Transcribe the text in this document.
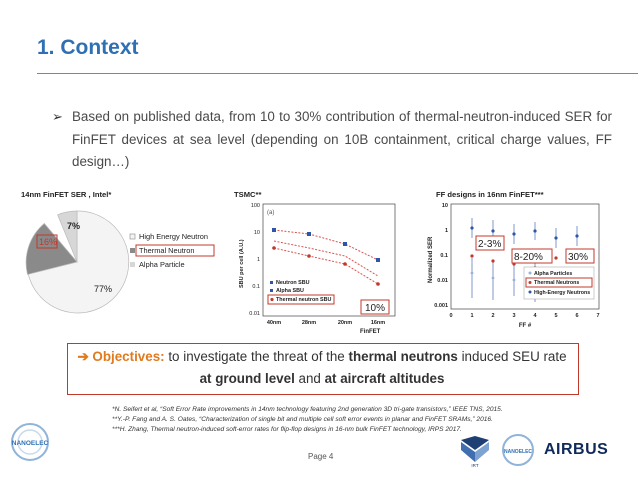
1. Context
➢ Based on published data, from 10 to 30% contribution of thermal-neutron-induced SER for FinFET devices at sea level (depending on 10B containment, critical charge values, FF design…)
14nm FinFET SER , Intel*	TSMC**	FF designs in 16nm FinFET***
7%
16%
77%
High Energy Neutron
Thermal Neutron
Alpha Particle	SBU per cell (A.U.)
100
10
1
0.1
0.01
(a)
Neutron SBU
Alpha SBU
Thermal neutron SBU
10%
40nm	28nm	20nm	16nm
FinFET
Normalized SER
10
1
0.1
0.01
0.001
2-3%
8-20%	30%
Alpha Particles
Thermal Neutrons
High-Energy Neutrons
0	1	2	3	4	5	6	7
FF #
➔ Objectives: to investigate the threat of the thermal neutrons induced SEU rate
at ground level and at aircraft altitudes
*N. Seifert et al, “Soft Error Rate improvements in 14nm technology featuring 2nd generation 3D tri-gate transistors,” IEEE TNS, 2015.
**Y.-P. Fang and A. S. Oates, “Characterization of single bit and multiple cell soft error events in planar and FinFET SRAMs,” 2016.
***H. Zhang, Thermal neutron-induced soft-error rates for flip-flop designs in 16-nm bulk FinFET technology, IRPS 2017.
NANOELEC
Page 4
IRT
NANOELEC AIRBUS
